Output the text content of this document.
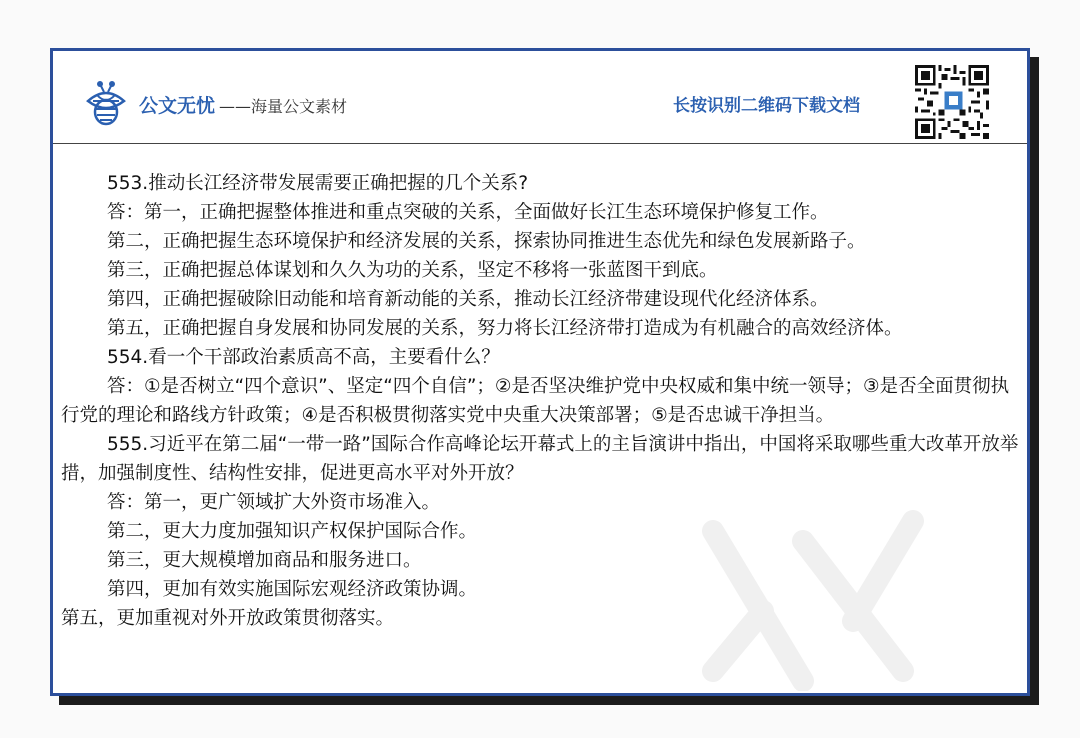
公文无忧 ——海量公文素材	长按识别二维码下载文档

553.推动长江经济带发展需要正确把握的几个关系?

答：第一，正确把握整体推进和重点突破的关系，全面做好长江生态环境保护修复工作。

第二，正确把握生态环境保护和经济发展的关系，探索协同推进生态优先和绿色发展新路子。

第三，正确把握总体谋划和久久为功的关系，坚定不移将一张蓝图干到底。

第四，正确把握破除旧动能和培育新动能的关系，推动长江经济带建设现代化经济体系。

第五，正确把握自身发展和协同发展的关系，努力将长江经济带打造成为有机融合的高效经济体。

554.看一个干部政治素质高不高，主要看什么？

答：①是否树立“四个意识”、坚定“四个自信”；②是否坚决维护党中央权威和集中统一领导；③是否全面贯彻执行党的理论和路线方针政策；④是否积极贯彻落实党中央重大决策部署；⑤是否忠诚干净担当。

555.习近平在第二届“一带一路”国际合作高峰论坛开幕式上的主旨演讲中指出，中国将采取哪些重大改革开放举措，加强制度性、结构性安排，促进更高水平对外开放？

答：第一，更广领域扩大外资市场准入。

第二，更大力度加强知识产权保护国际合作。

第三，更大规模增加商品和服务进口。

第四，更加有效实施国际宏观经济政策协调。

第五，更加重视对外开放政策贯彻落实。
